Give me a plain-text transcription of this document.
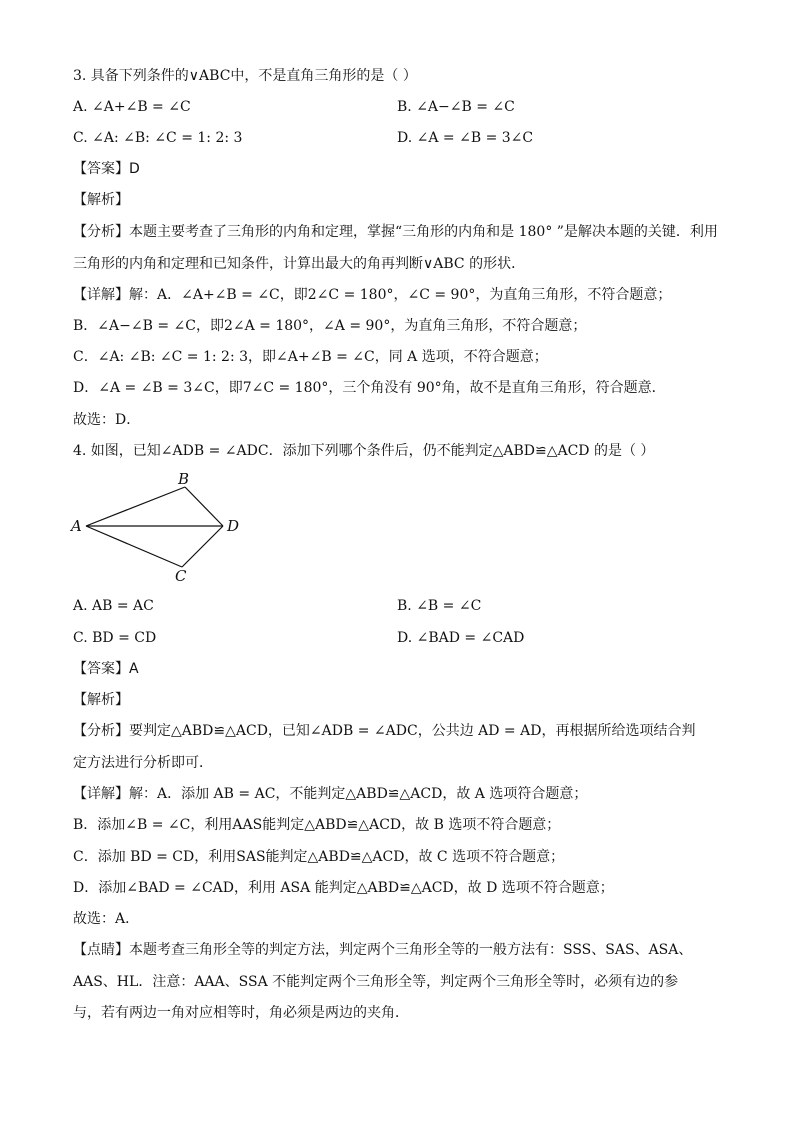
3. 具备下列条件的∨ABC中，不是直角三角形的是（ ）
A. ∠A+∠B = ∠C	B. ∠A−∠B = ∠C
C. ∠A: ∠B: ∠C = 1: 2: 3	D. ∠A = ∠B = 3∠C
【答案】D
【解析】
【分析】本题主要考查了三角形的内角和定理，掌握“三角形的内角和是 180° ”是解决本题的关键．利用
三角形的内角和定理和已知条件，计算出最大的角再判断∨ABC 的形状．
【详解】解：A．∠A+∠B = ∠C，即2∠C = 180°，∠C = 90°，为直角三角形，不符合题意；
B．∠A−∠B = ∠C，即2∠A = 180°，∠A = 90°，为直角三角形，不符合题意；
C．∠A: ∠B: ∠C = 1: 2: 3，即∠A+∠B = ∠C，同 A 选项，不符合题意；
D．∠A = ∠B = 3∠C，即7∠C = 180°，三个角没有 90°角，故不是直角三角形，符合题意．
故选：D．
4. 如图，已知∠ADB = ∠ADC．添加下列哪个条件后，仍不能判定△ABD≌△ACD 的是（ ）
A
B
D
C
A. AB = AC	B. ∠B = ∠C
C. BD = CD	D. ∠BAD = ∠CAD
【答案】A
【解析】
【分析】要判定△ABD≌△ACD，已知∠ADB = ∠ADC，公共边 AD = AD，再根据所给选项结合判
定方法进行分析即可．
【详解】解：A．添加 AB = AC，不能判定△ABD≌△ACD，故 A 选项符合题意；
B．添加∠B = ∠C，利用AAS能判定△ABD≌△ACD，故 B 选项不符合题意；
C．添加 BD = CD，利用SAS能判定△ABD≌△ACD，故 C 选项不符合题意；
D．添加∠BAD = ∠CAD，利用 ASA 能判定△ABD≌△ACD，故 D 选项不符合题意；
故选：A．
【点睛】本题考查三角形全等的判定方法，判定两个三角形全等的一般方法有：SSS、SAS、ASA、
AAS、HL．注意：AAA、SSA 不能判定两个三角形全等，判定两个三角形全等时，必须有边的参
与，若有两边一角对应相等时，角必须是两边的夹角．
